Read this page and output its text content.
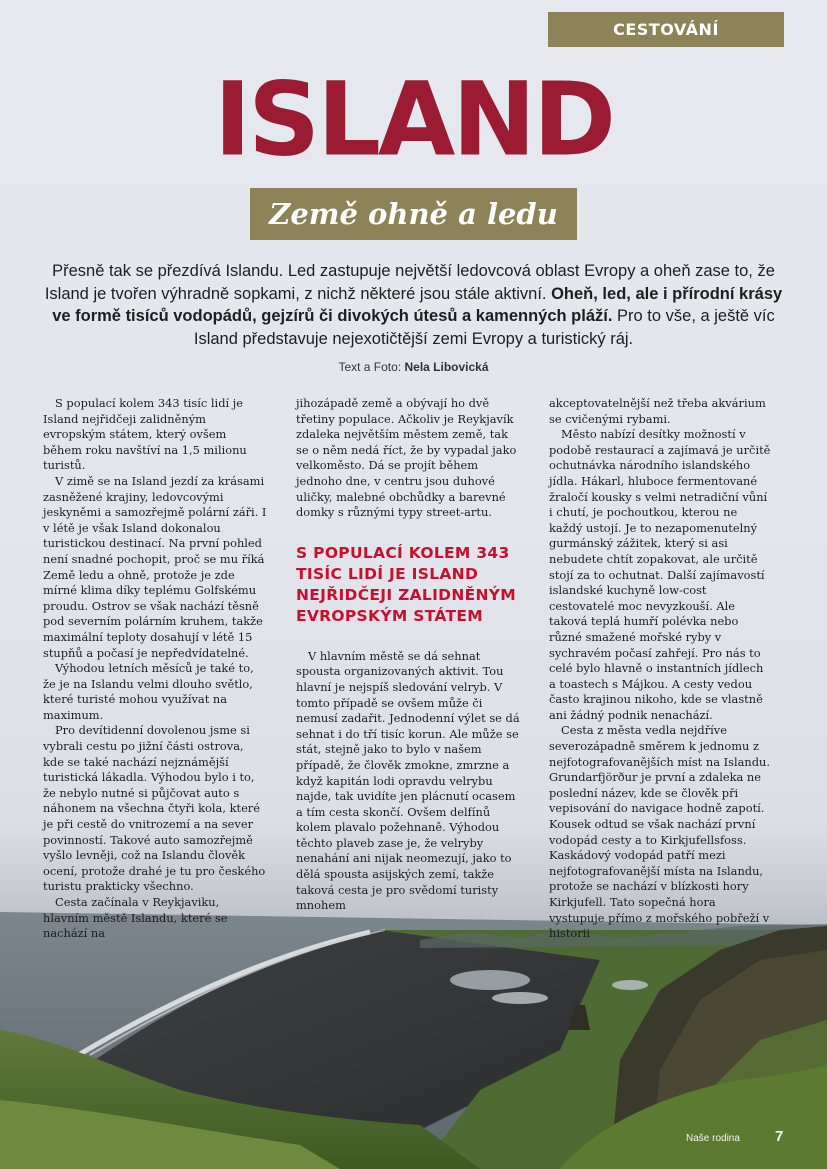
CESTOVÁNÍ
ISLAND
Země ohně a ledu
Přesně tak se přezdívá Islandu. Led zastupuje největší ledovcová oblast Evropy a oheň zase to, že Island je tvořen výhradně sopkami, z nichž některé jsou stále aktivní. Oheň, led, ale i přírodní krásy ve formě tisíců vodopádů, gejzírů či divokých útesů a kamenných pláží. Pro to vše, a ještě víc Island představuje nejexotičtější zemi Evropy a turistický ráj.
Text a Foto: Nela Libovická

S populací kolem 343 tisíc lidí je Island nejřidčeji zalidněným evropským státem, který ovšem během roku navštíví na 1,5 milionu turistů.

V zimě se na Island jezdí za krásami zasněžené krajiny, ledovcovými jeskyněmi a samozřejmě polární záři. I v létě je však Island dokonalou turistickou destinací. Na první pohled není snadné pochopit, proč se mu říká Země ledu a ohně, protože je zde mírné klima díky teplému Golfskému proudu. Ostrov se však nachází těsně pod severním polárním kruhem, takže maximální teploty dosahují v létě 15 stupňů a počasí je nepředvídatelné.

Výhodou letních měsíců je také to, že je na Islandu velmi dlouho světlo, které turisté mohou využívat na maximum.

Pro devítidenní dovolenou jsme si vybrali cestu po jižní části ostrova, kde se také nachází nejznámější turistická lákadla. Výhodou bylo i to, že nebylo nutné si půjčovat auto s náhonem na všechna čtyři kola, které je při cestě do vnitrozemí a na sever povinností. Takové auto samozřejmě vyšlo levněji, což na Islandu člověk ocení, protože drahé je tu pro českého turistu prakticky všechno.

Cesta začínala v Reykjaviku, hlavním městě Islandu, které se nachází na

jihozápadě země a obývají ho dvě třetiny populace. Ačkoliv je Reykjavík zdaleka největším městem země, tak se o něm nedá říct, že by vypadal jako velkoměsto. Dá se projít během jednoho dne, v centru jsou duhové uličky, malebné obchůdky a barevné domky s různými typy street-artu.

S POPULACÍ KOLEM 343 TISÍC LIDÍ JE ISLAND NEJŘIDČEJI ZALIDNĚNÝM EVROPSKÝM STÁTEM

V hlavním městě se dá sehnat spousta organizovaných aktivit. Tou hlavní je nejspíš sledování velryb. V tomto případě se ovšem může či nemusí zadařit. Jednodenní výlet se dá sehnat i do tří tisíc korun. Ale může se stát, stejně jako to bylo v našem případě, že člověk zmokne, zmrzne a když kapitán lodi opravdu velrybu najde, tak uvidíte jen plácnutí ocasem a tím cesta skončí. Ovšem delfínů kolem plavalo požehnaně. Výhodou těchto plaveb zase je, že velryby nenahání ani nijak neomezují, jako to dělá spousta asijských zemí, takže taková cesta je pro svědomí turisty mnohem

akceptovatelnější než třeba akvárium se cvičenými rybami.

Město nabízí desítky možností v podobě restaurací a zajímavá je určitě ochutnávka národního islandského jídla. Hákarl, hluboce fermentované žraločí kousky s velmi netradiční vůní i chutí, je pochoutkou, kterou ne každý ustojí. Je to nezapomenutelný gurmánský zážitek, který si asi nebudete chtít zopakovat, ale určitě stojí za to ochutnat. Další zajímavostí islandské kuchyně low-cost cestovatelé moc nevyzkouší. Ale taková teplá humří polévka nebo různé smažené mořské ryby v sychravém počasí zahřejí. Pro nás to celé bylo hlavně o instantních jídlech a toastech s Májkou. A cesty vedou často krajinou nikoho, kde se vlastně ani žádný podnik nenachází.

Cesta z města vedla nejdříve severozápadně směrem k jednomu z nejfotografovanějších míst na Islandu. Grundarfjörður je první a zdaleka ne poslední název, kde se člověk při vepisování do navigace hodně zapotí. Kousek odtud se však nachází první vodopád cesty a to Kirkjufellsfoss. Kaskádový vodopád patří mezi nejfotografovanější místa na Islandu, protože se nachází v blízkosti hory Kirkjufell. Tato sopečná hora vystupuje přímo z mořského pobřeží v historii

Naše rodina 7
